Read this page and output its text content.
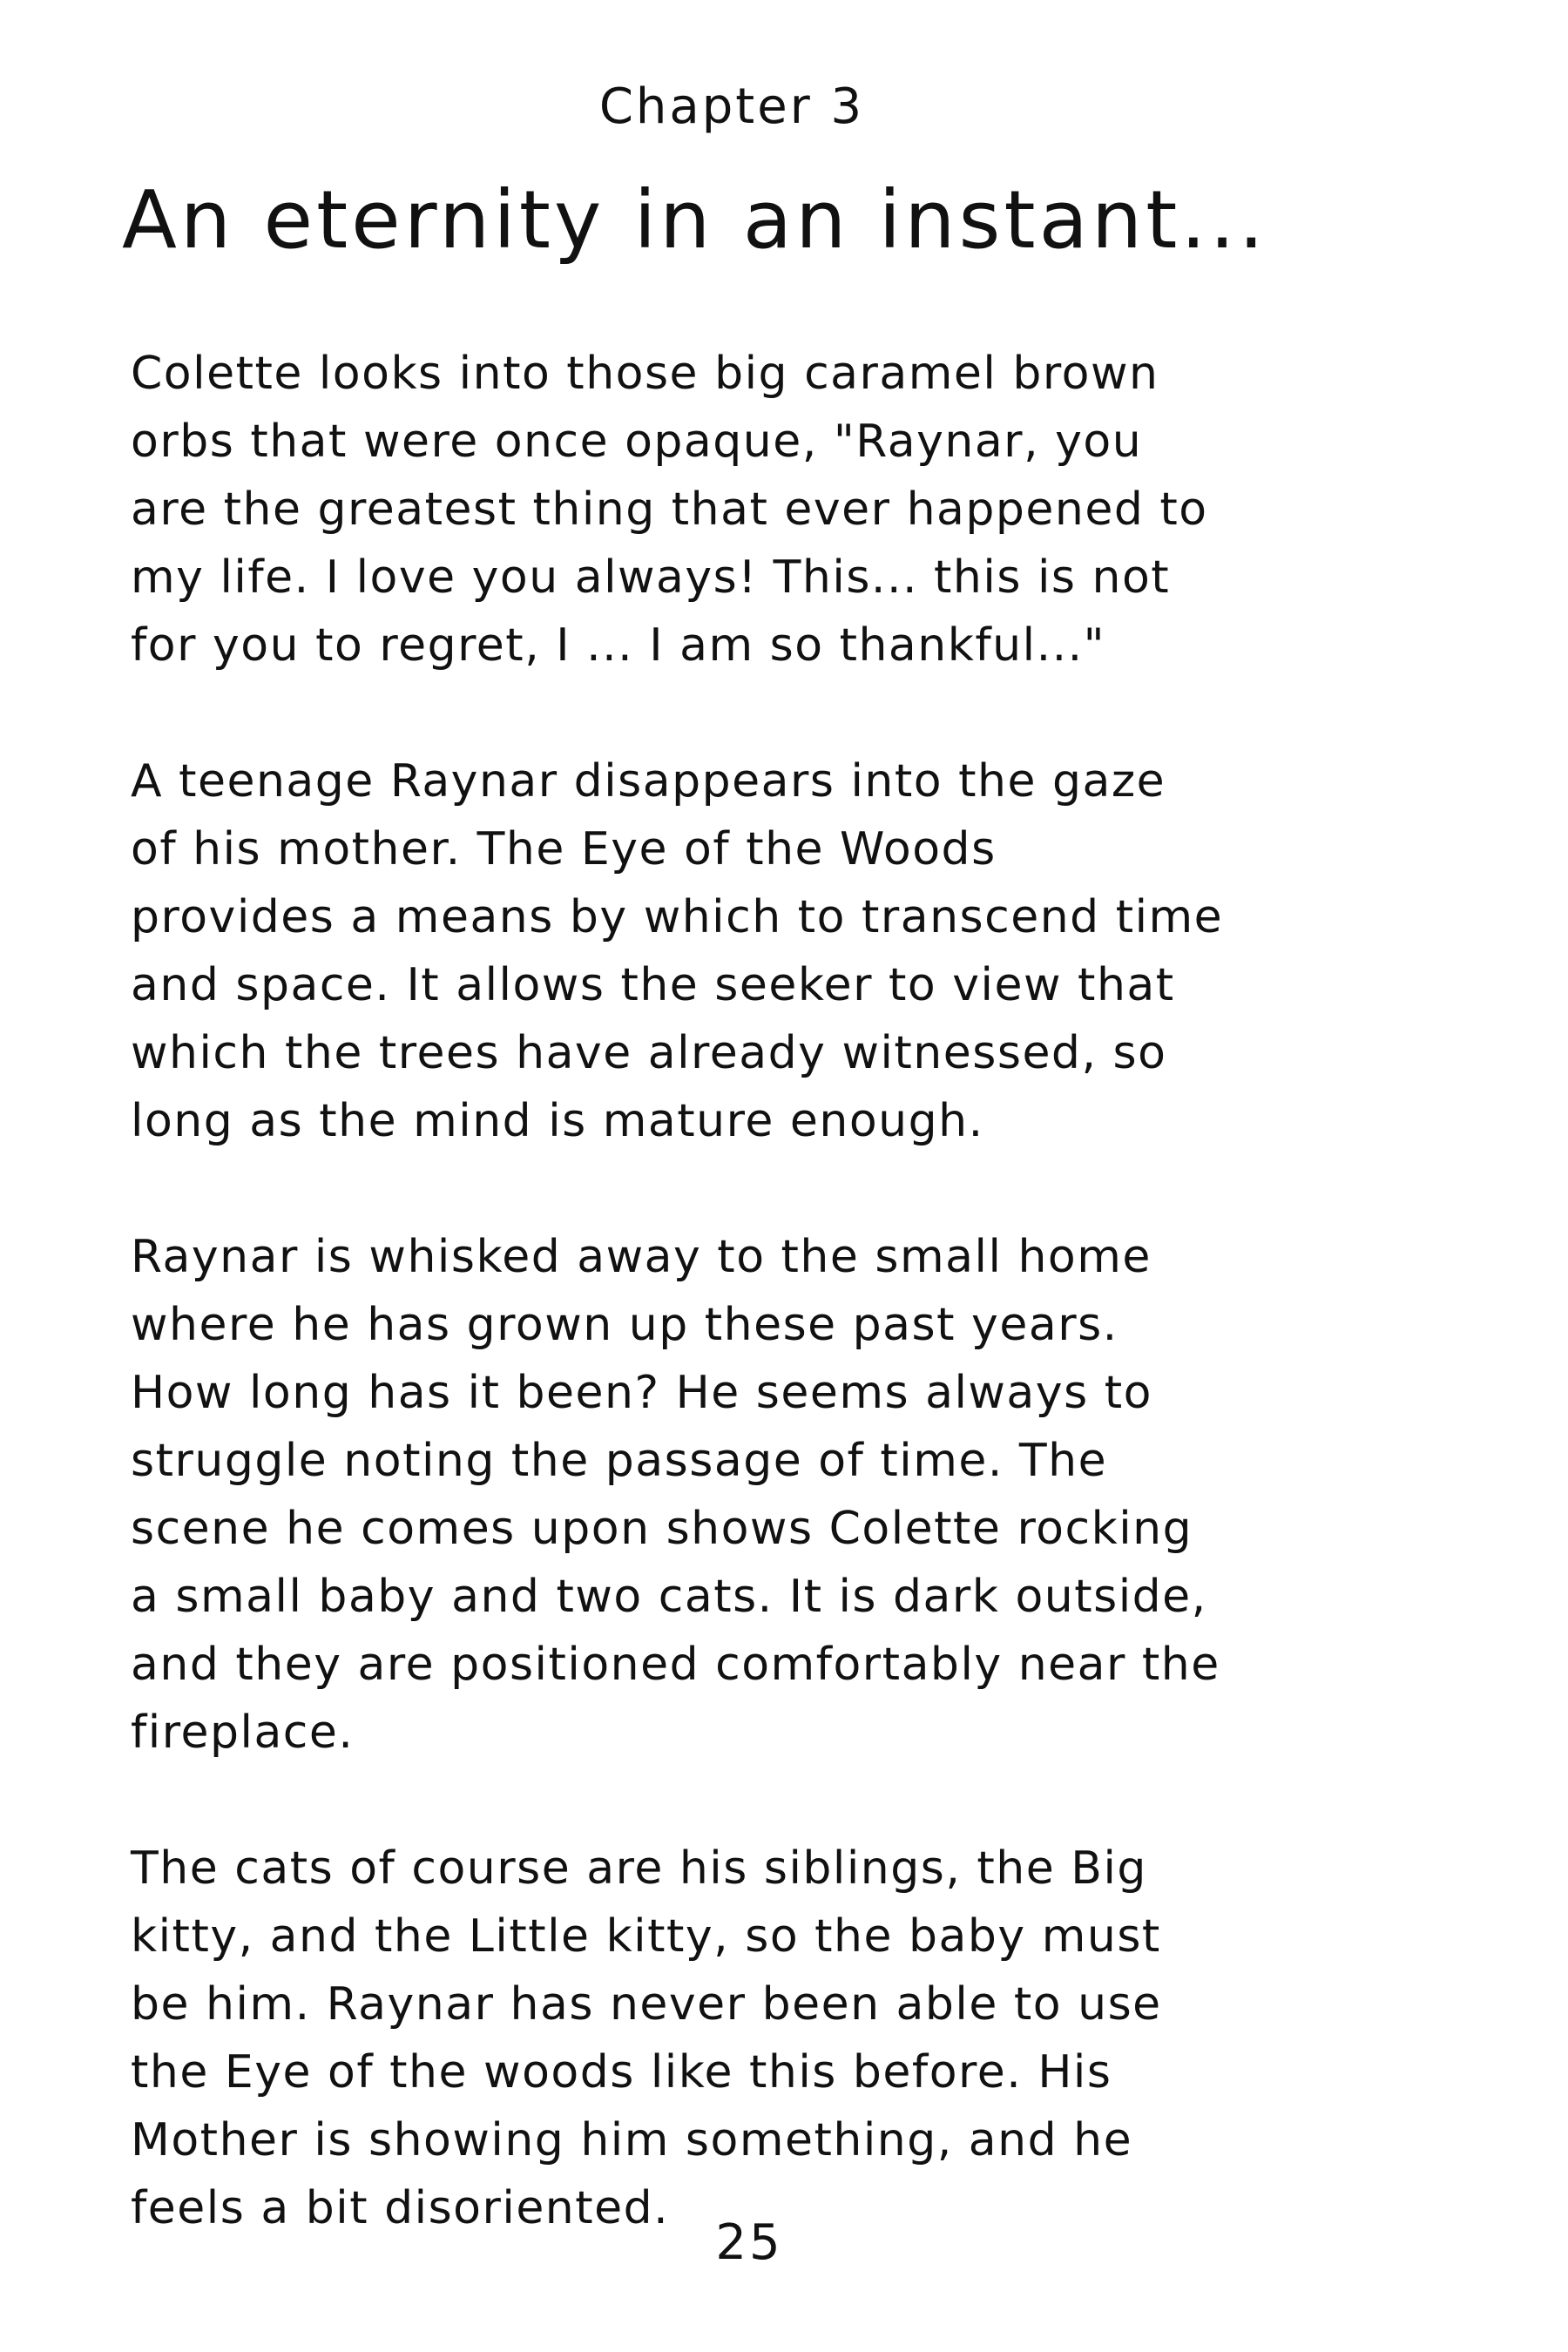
Chapter 3
An eternity in an instant...

Colette looks into those big caramel brown
orbs that were once opaque, "Raynar, you
are the greatest thing that ever happened to
my life. I love you always! This... this is not
for you to regret, I ... I am so thankful..."

A teenage Raynar disappears into the gaze
of his mother. The Eye of the Woods
provides a means by which to transcend time
and space. It allows the seeker to view that
which the trees have already witnessed, so
long as the mind is mature enough.

Raynar is whisked away to the small home
where he has grown up these past years.
How long has it been? He seems always to
struggle noting the passage of time. The
scene he comes upon shows Colette rocking
a small baby and two cats. It is dark outside,
and they are positioned comfortably near the
fireplace.

The cats of course are his siblings, the Big
kitty, and the Little kitty, so the baby must
be him. Raynar has never been able to use
the Eye of the woods like this before. His
Mother is showing him something, and he
feels a bit disoriented.

25
